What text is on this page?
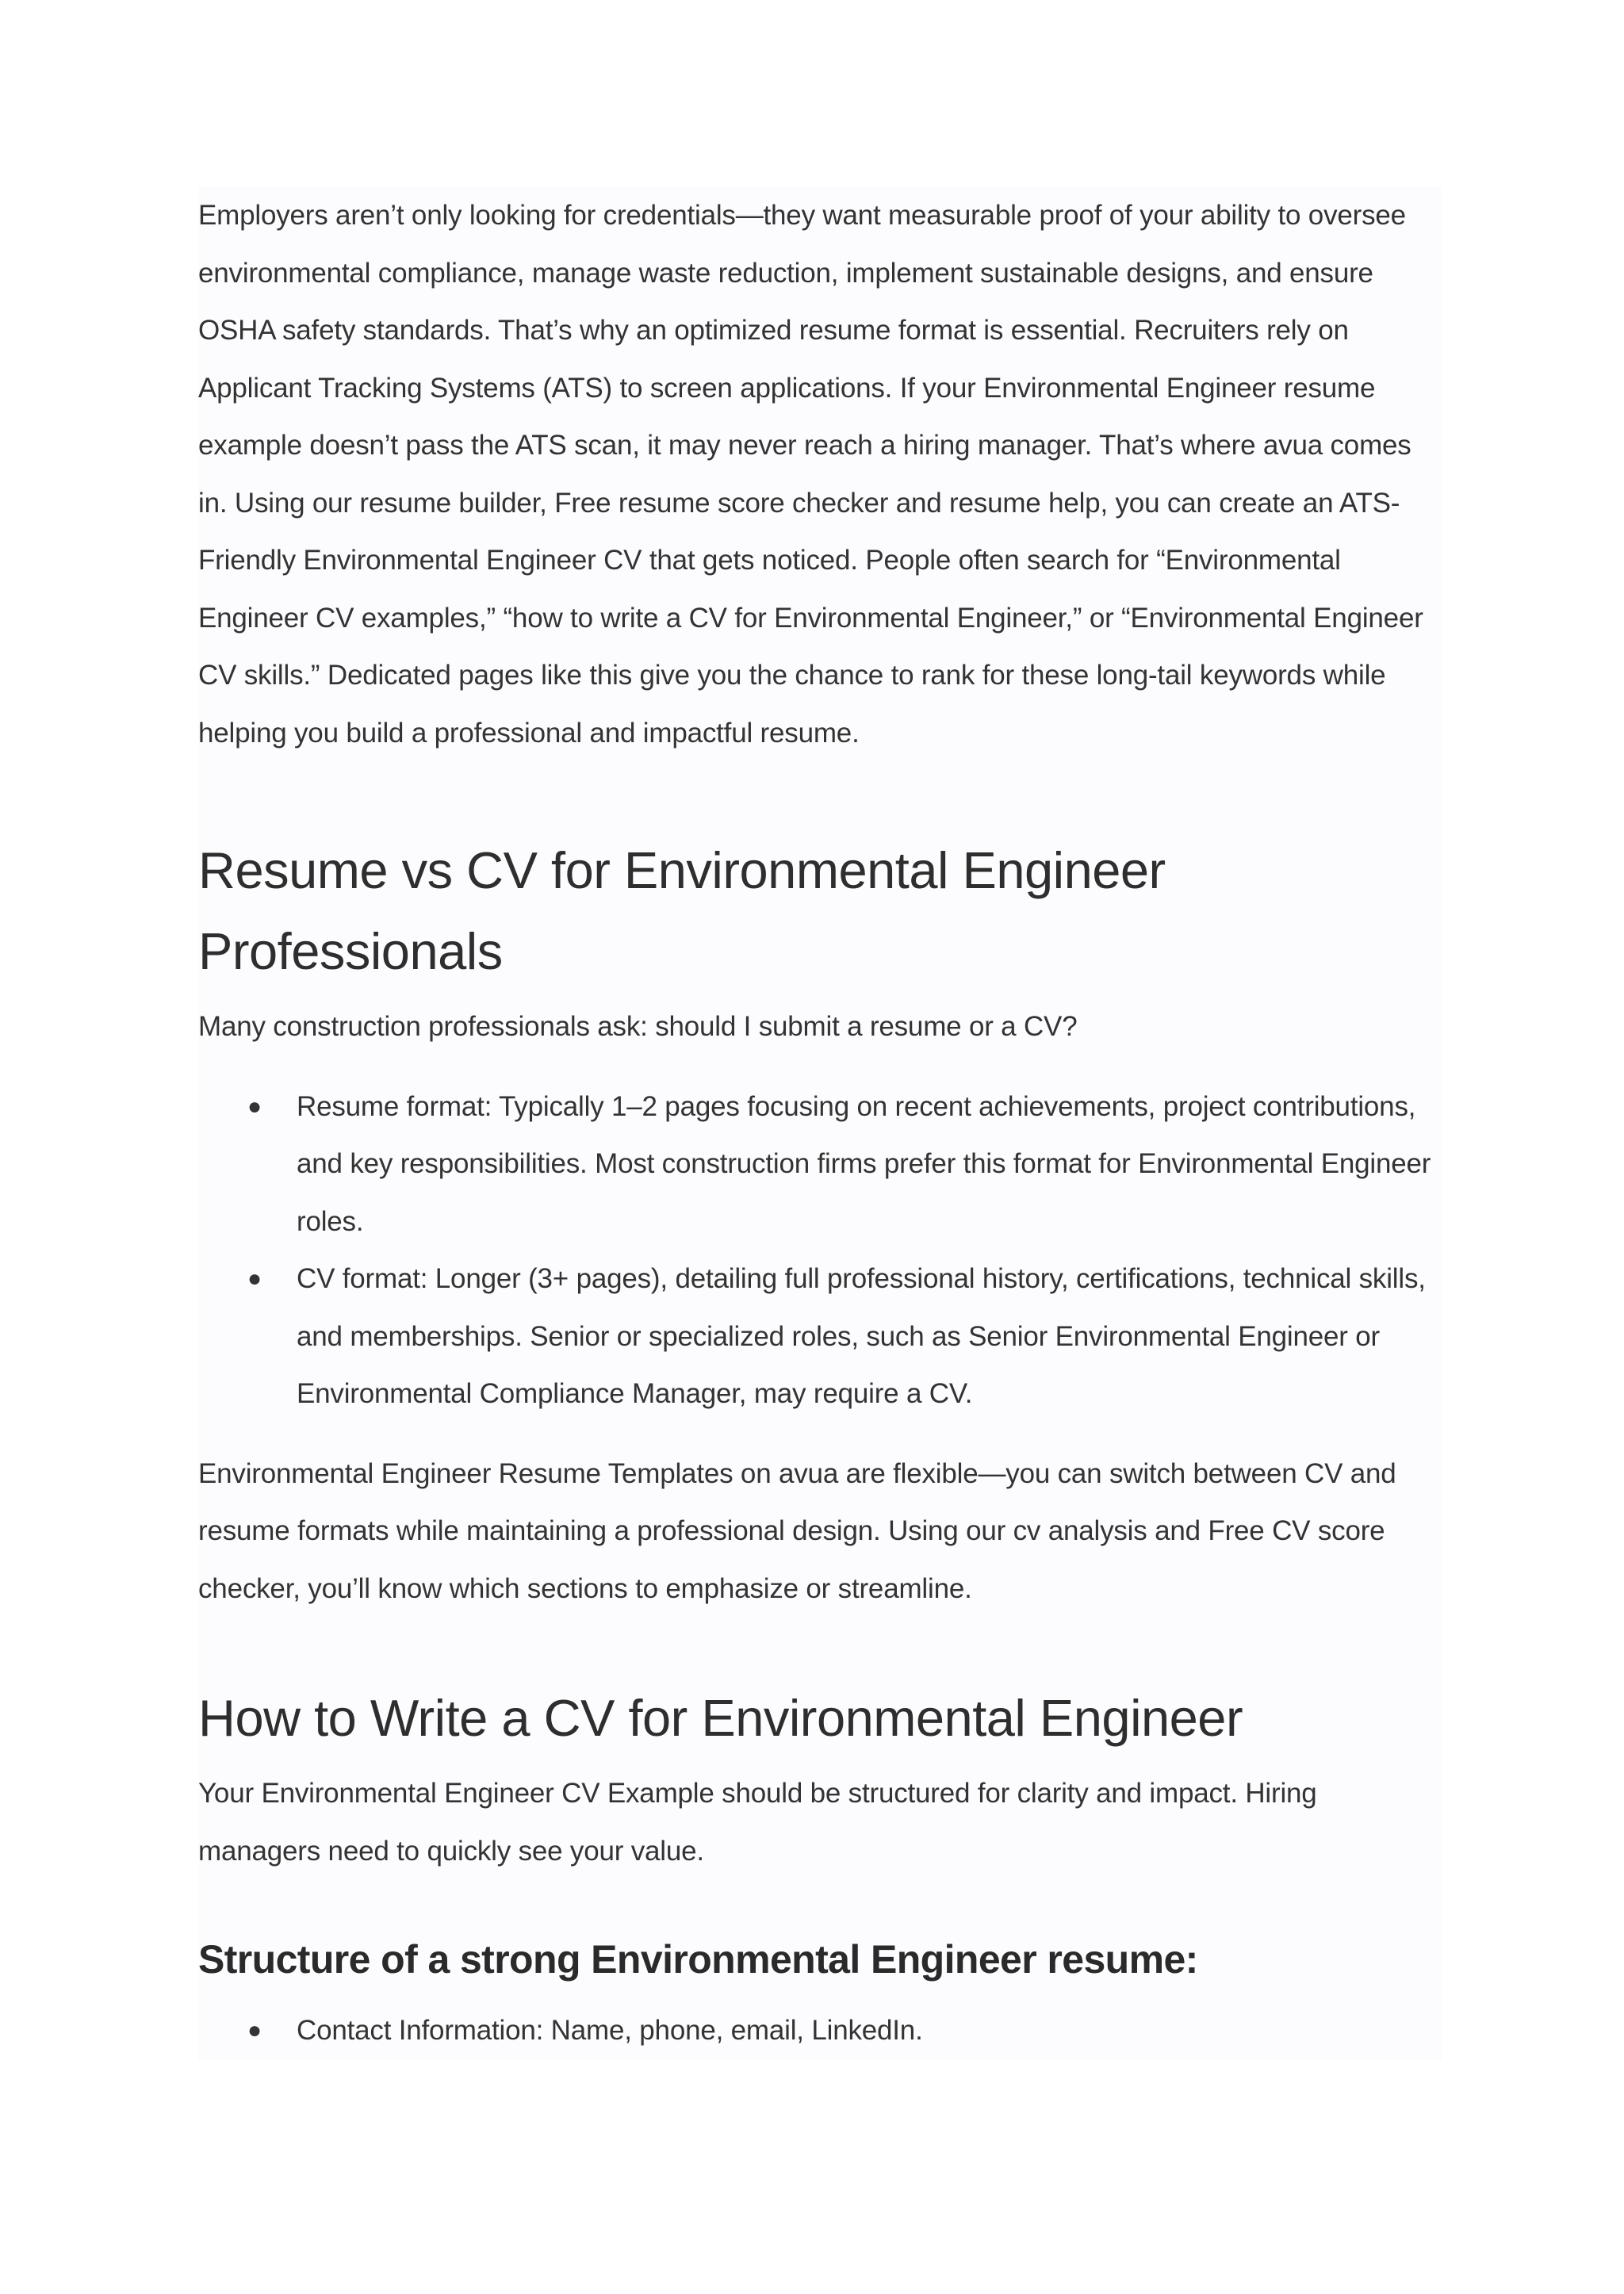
Employers aren’t only looking for credentials—they want measurable proof of your ability to oversee environmental compliance, manage waste reduction, implement sustainable designs, and ensure OSHA safety standards. That’s why an optimized resume format is essential. Recruiters rely on Applicant Tracking Systems (ATS) to screen applications. If your Environmental Engineer resume example doesn’t pass the ATS scan, it may never reach a hiring manager. That’s where avua comes in. Using our resume builder, Free resume score checker and resume help, you can create an ATS-Friendly Environmental Engineer CV that gets noticed. People often search for “Environmental Engineer CV examples,” “how to write a CV for Environmental Engineer,” or “Environmental Engineer CV skills.” Dedicated pages like this give you the chance to rank for these long-tail keywords while helping you build a professional and impactful resume.

Resume vs CV for Environmental Engineer Professionals

Many construction professionals ask: should I submit a resume or a CV?

● Resume format: Typically 1–2 pages focusing on recent achievements, project contributions, and key responsibilities. Most construction firms prefer this format for Environmental Engineer roles.
● CV format: Longer (3+ pages), detailing full professional history, certifications, technical skills, and memberships. Senior or specialized roles, such as Senior Environmental Engineer or Environmental Compliance Manager, may require a CV.

Environmental Engineer Resume Templates on avua are flexible—you can switch between CV and resume formats while maintaining a professional design. Using our cv analysis and Free CV score checker, you’ll know which sections to emphasize or streamline.

How to Write a CV for Environmental Engineer

Your Environmental Engineer CV Example should be structured for clarity and impact. Hiring managers need to quickly see your value.

Structure of a strong Environmental Engineer resume:
● Contact Information: Name, phone, email, LinkedIn.
